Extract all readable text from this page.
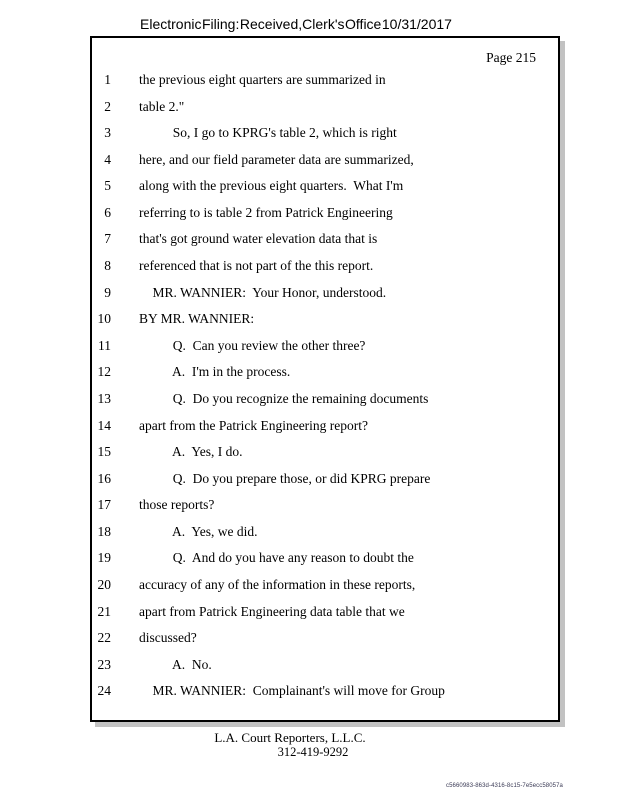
Electronic Filing: Received,Clerk's Office 10/31/2017
Page 215
1 the previous eight quarters are summarized in
2 table 2."
3 So, I go to KPRG's table 2, which is right
4 here, and our field parameter data are summarized,
5 along with the previous eight quarters.  What I'm
6 referring to is table 2 from Patrick Engineering
7 that's got ground water elevation data that is
8 referenced that is not part of the this report.
9 MR. WANNIER:  Your Honor, understood.
10 BY MR. WANNIER:
11 Q.  Can you review the other three?
12 A.  I'm in the process.
13 Q.  Do you recognize the remaining documents
14 apart from the Patrick Engineering report?
15 A.  Yes, I do.
16 Q.  Do you prepare those, or did KPRG prepare
17 those reports?
18 A.  Yes, we did.
19 Q.  And do you have any reason to doubt the
20 accuracy of any of the information in these reports,
21 apart from Patrick Engineering data table that we
22 discussed?
23 A.  No.
24 MR. WANNIER:  Complainant's will move for Group
L.A. Court Reporters, L.L.C.
312-419-9292
c5660983-863d-4316-8c15-7e5ecc58057a
